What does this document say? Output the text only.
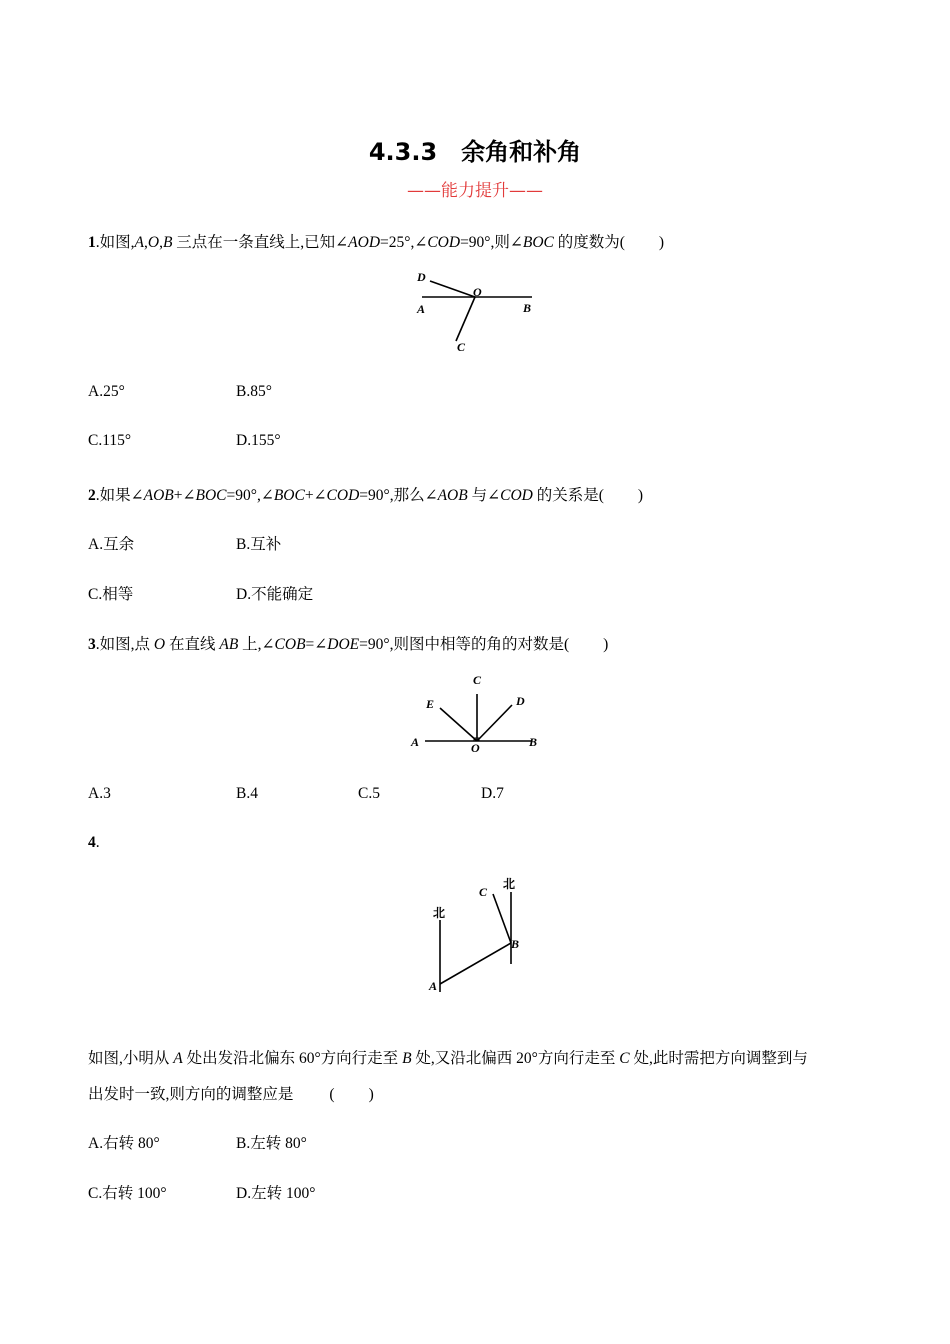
4.3.3　余角和补角
——能力提升——
1.如图,A,O,B 三点在一条直线上,已知∠AOD=25°,∠COD=90°,则∠BOC 的度数为( )
D
O
A	B
C
A.25°	B.85°
C.115°	D.155°
2.如果∠AOB+∠BOC=90°,∠BOC+∠COD=90°,那么∠AOB 与∠COD 的关系是( )
A.互余	B.互补
C.相等	D.不能确定
3.如图,点 O 在直线 AB 上,∠COB=∠DOE=90°,则图中相等的角的对数是( )
C
E	D
A	O	B
A.3	B.4	C.5	D.7
4.
北
北
C
B
A
如图,小明从 A 处出发沿北偏东 60°方向行走至 B 处,又沿北偏西 20°方向行走至 C 处,此时需把方向调整到与
出发时一致,则方向的调整应是 ( )
A.右转 80°	B.左转 80°
C.右转 100°	D.左转 100°
